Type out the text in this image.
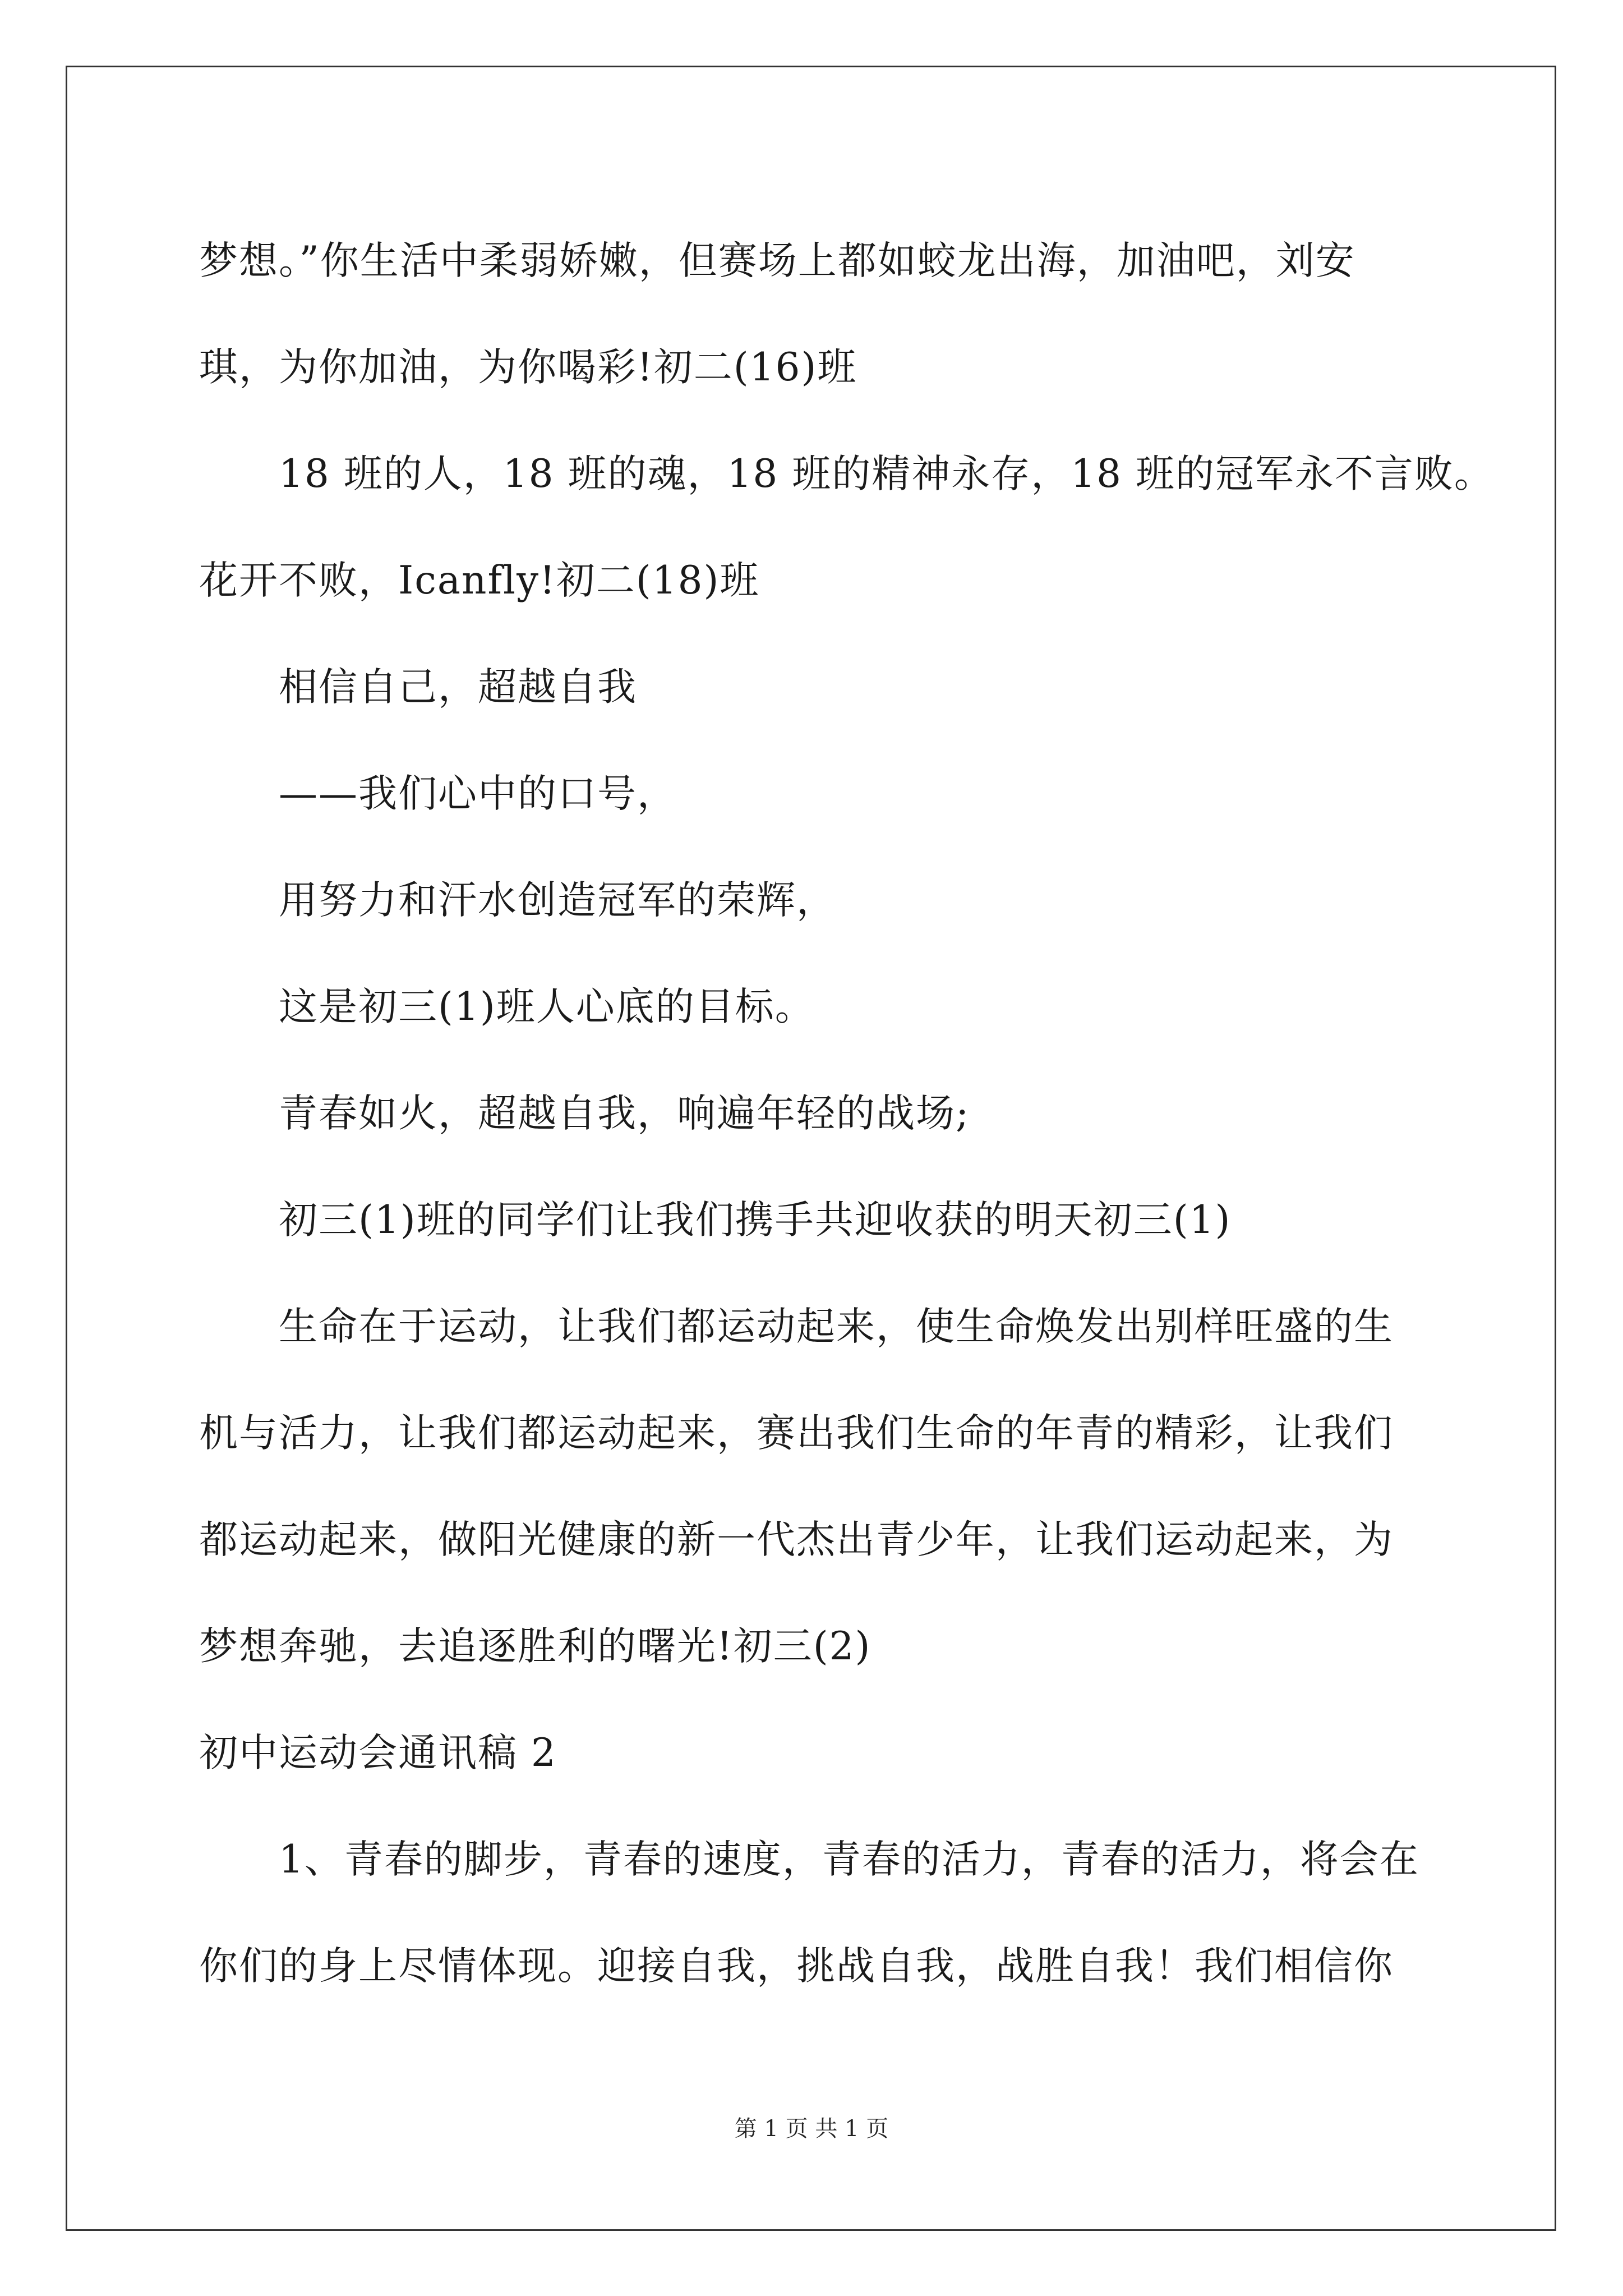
梦想。”你生活中柔弱娇嫩，但赛场上都如蛟龙出海，加油吧，刘安
琪，为你加油，为你喝彩!初二(16)班
18 班的人，18 班的魂，18 班的精神永存，18 班的冠军永不言败。
花开不败，Icanfly!初二(18)班
相信自己，超越自我
——我们心中的口号，
用努力和汗水创造冠军的荣辉，
这是初三(1)班人心底的目标。
青春如火，超越自我，响遍年轻的战场;
初三(1)班的同学们让我们携手共迎收获的明天初三(1)
生命在于运动，让我们都运动起来，使生命焕发出别样旺盛的生
机与活力，让我们都运动起来，赛出我们生命的年青的精彩，让我们
都运动起来，做阳光健康的新一代杰出青少年，让我们运动起来，为
梦想奔驰，去追逐胜利的曙光!初三(2)
初中运动会通讯稿 2
1、青春的脚步，青春的速度，青春的活力，青春的活力，将会在
你们的身上尽情体现。迎接自我，挑战自我，战胜自我！我们相信你
第 1 页 共 1 页
